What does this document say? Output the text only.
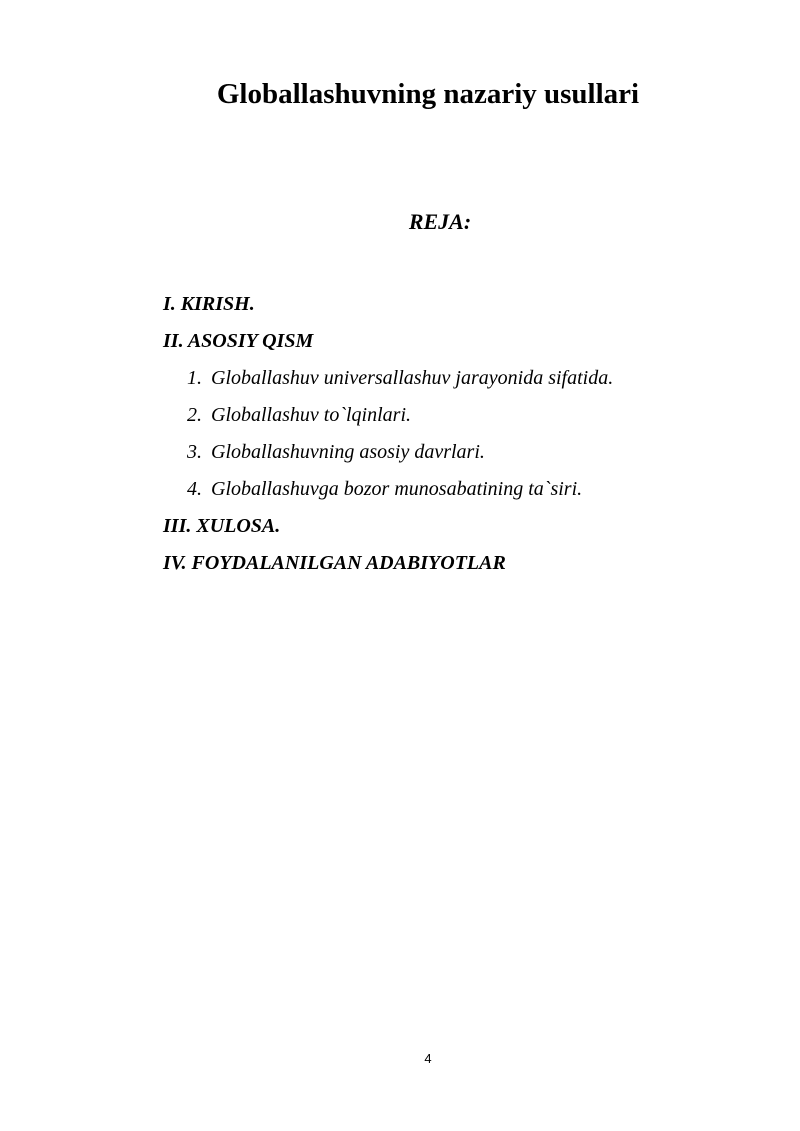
Globallashuvning nazariy usullari
REJA:
I. KIRISH.
II. ASOSIY QISM
1. Globallashuv universallashuv jarayonida sifatida.
2. Globallashuv to`lqinlari.
3. Globallashuvning asosiy davrlari.
4. Globallashuvga bozor munosabatining ta`siri.
III. XULOSA.
IV. FOYDALANILGAN ADABIYOTLAR
4
